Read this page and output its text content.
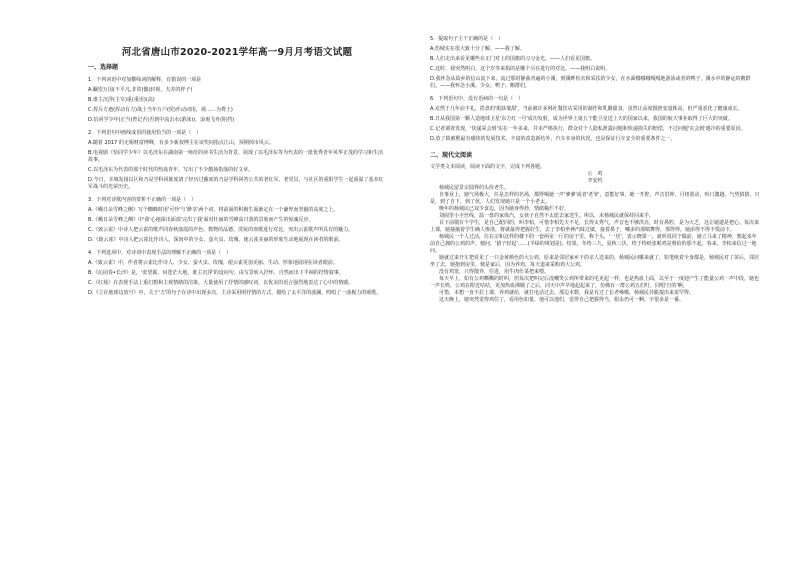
河北省唐山市2020-2021学年高一9月月考语文试题
一、选择题

1．下列词语中对加横线词的解释，有错误的一项是

A.瞩望万国(不平凡,非常)傲(轻视，夫差的样子)

B.谁主沉浮(主宰)重(重语)(高)

C.挥斥方遒(挥动有力)战士当年万户(侯)作动词用，视……为粪土)

D.恰同学少年(正当)曾记否(否到中流击水(游泳))，浪遏飞舟(阻挡)

2．下列语句中画线成语的使用恰当的一项是（　）

A.随着 2017 的无锡财富博峰，有多少新叔博主在该奖间指点江山，预期掉市风云。

B.电视剧《恰同学少年》以毛泽东在湖南第一师范的读书生活为背景，展现了以毛泽东等为代表的一批优秀青年风华正茂的学习和生活故事。

C.以毛泽东为代表的那个时代的热血青年，写出了不少激扬指落的好文章。

D.今日，幸城发扬以区和乃是学科回陈度诸了经历过藤度的乃是学科回答公共的老红军、老党员，与社区的重阳学生一起重温了基本红军战斗的光荣历史。

3．下列对诗歌内容的赏析不正确的一项是（　）

A.《峨日朵雪峰之侧》写个蜘蛛时用'可怜'与'渺享'两个词，将前面的积极生面渐定在一个谦卑而坚毅的高度之上。

B.《峨日朵雪峰之侧》中'我'心地深出面部'完出了我'面对壮丽的雪峰高日落的景象而产生的惊魂反应。

C.《致云雀》中诗人把云雀的歌声同春秋落霞的声色、数物的品德、洗妆的欢歌进行对比，突出云雀歌声所具有的魅力。

D.《致云雀》中诗人把云雀比作诗人、深闺中的少女、萤火虫、玫瑰，使云雀美丽的形象生动地展现在读者的眼前。

4．下列选项中，对诗词中表现手法的理解不正确的一项是（　）

A.《致云雀》中，作者将云雀比作诗人、少女、萤火虫、玫瑰，使云雀更加美丽、生动、形象地展现在读者眼前。

B.《沁园春•长沙》是，'张望霸，问苍茫大地，谁主沉浮'的设问句，由写景转入抒怀，自然而出下半阕的抒情叙事。

C.《红烛》在表现手法上重幻想和主观情绪的渲染，大量使用了抒情的感叹词，以优美的语言强烈地表达了心中的情感。

D.《立在地球边放号》中，关于'力'的句子在诗中出现多次，主诗采用明抒情的方式，描绘了太平洋的波澜，鸣唱了一曲极力的颂歌。

5．提取句子主干正确的是（　）

A.伤城实在很大致十分了解。——我了解。

B.人们走出来看见哪些在正门对上的国旗的习习金光。——人们看见国旗。

C.这时，我突然明白，这个岁等来指的是哪个尽在进行的对比。——我明白说明。

D.我怀念从故乡的信山流下来，流过那时静曲青遍的小溪，到溪畔杭衣和采扶的少女，在水面哪哪哪嘎嘎地游泳或者的鸭子，溪水中的静运的鹅群们。——我怀念小溪、少女、鸭子、鹅群们。

6．下列语句中，没有语病的一句是（　）

A.克然于几年前丰礼，搭盘的'肌肤皱甜'，当前被许多网社餐饮店采用的制作和乳酪甜食，虽然让高度摄推变量株高，但严重恶化了健康成长。

B.日从我国第一颗人造地球卫星'东方红一号'成功发射，成为世界上第五个能卫星送上天的国家以来，我国的航天事业取得了巨大的突破。

C.记者调查发现，'快递采会到'实在一年多来，并未严格执行，群众对个人隐私泄露问题和快递损失的赔偿，不过问题'实会到'遇冷的重要原因。

D.放了致被熙最有感快的发展技术，丰富的改造新结外，汽车本身的状况，也是保证行车安全的重要条件之一。

二、现代文阅读

文学类文本阅读，阅读下面的文字，完成下列各题。

公　鸡

李安约

杨城民留景宗圆界的头侍老生。

自事业上，她气场极大，任是怎样的名场，都得喝她一声'爹爹'或者'老爷'，意能好事，她一开腔，声音洪钟，月钮震动，吩口激越，气势猜猜。只是，到了自下，到了伙，人们发现她只是一个小老太。

晚年的杨城民已双少食边，因为她身得矜，情绪稀烂不好。

刘阅里小全丝线，温一盘的家体汽，女孩子自然不太愿去家送生。所以，未杨城民就保持回来手。

目下前僵有个学生，是自己配同的，叫李柏，可惜李柏先天不足，长得太秀气，声音也不够洪亮，时有鼻腔，是为大乏，这让她遗是把心。每次来上课，她抽搐着学生确人惨洛，将就最得把握好生，去了李柏坐神汽昧过敏，接着鼻子，嘲多的那喘舞得，那得得，她添得不得不慌前下。

杨城民一个人过活，住在宗和这样的楼下的一套两室一厅的房子里，称个头，'一居'，表示晓果一，就听说同个做前，她立马来了精神，想起多年前自己拥的公鸡的声，便问，'猪子轻起'……(羊绿的规划是)。结果，冬终三九，夏秋三伏，终于终纸张呢鸡是剪给的那不起。春来，李柏来信过一地问。

她就过来开车把看见了一只金黄颜色的大公鸡，原来是邻居家乡下的亲人送来的，杨城民问哪来就了，铅笔纸着全身都是，杨城民对了苗后，邻居坐了去，她抱到房里，便是家后，因为养鸡，每天道来采购鸡大公鸡。

没有鸡笼，只得散养，住进，用牛肉仕菜把来喂。

每天早上，如有公鸡嘶嘶的时叫，但每次把叫完后没嘲笑公鸡所带来的毛更起一样，也是热血上面，以至于一度迎产生了能量公鸡一声中段，她也一声长鸣，公鸡在附近咕咕，更加热血沸腾了之后，同天中声早地起起来了，仿佛有一群公鸡五们叮，同唱'自的'啊。

可惜，本想一直不拉上课，养鸡就给，就打电话过去，那边本数，我是有过了长老嗓哦，杨城民异跪提出来说罕得。

这天晚上，她突然觉得鸡住了，看用色如量，他可以他们，觉得自己把握得当，娟永仍可一啊，字很多是一番。
